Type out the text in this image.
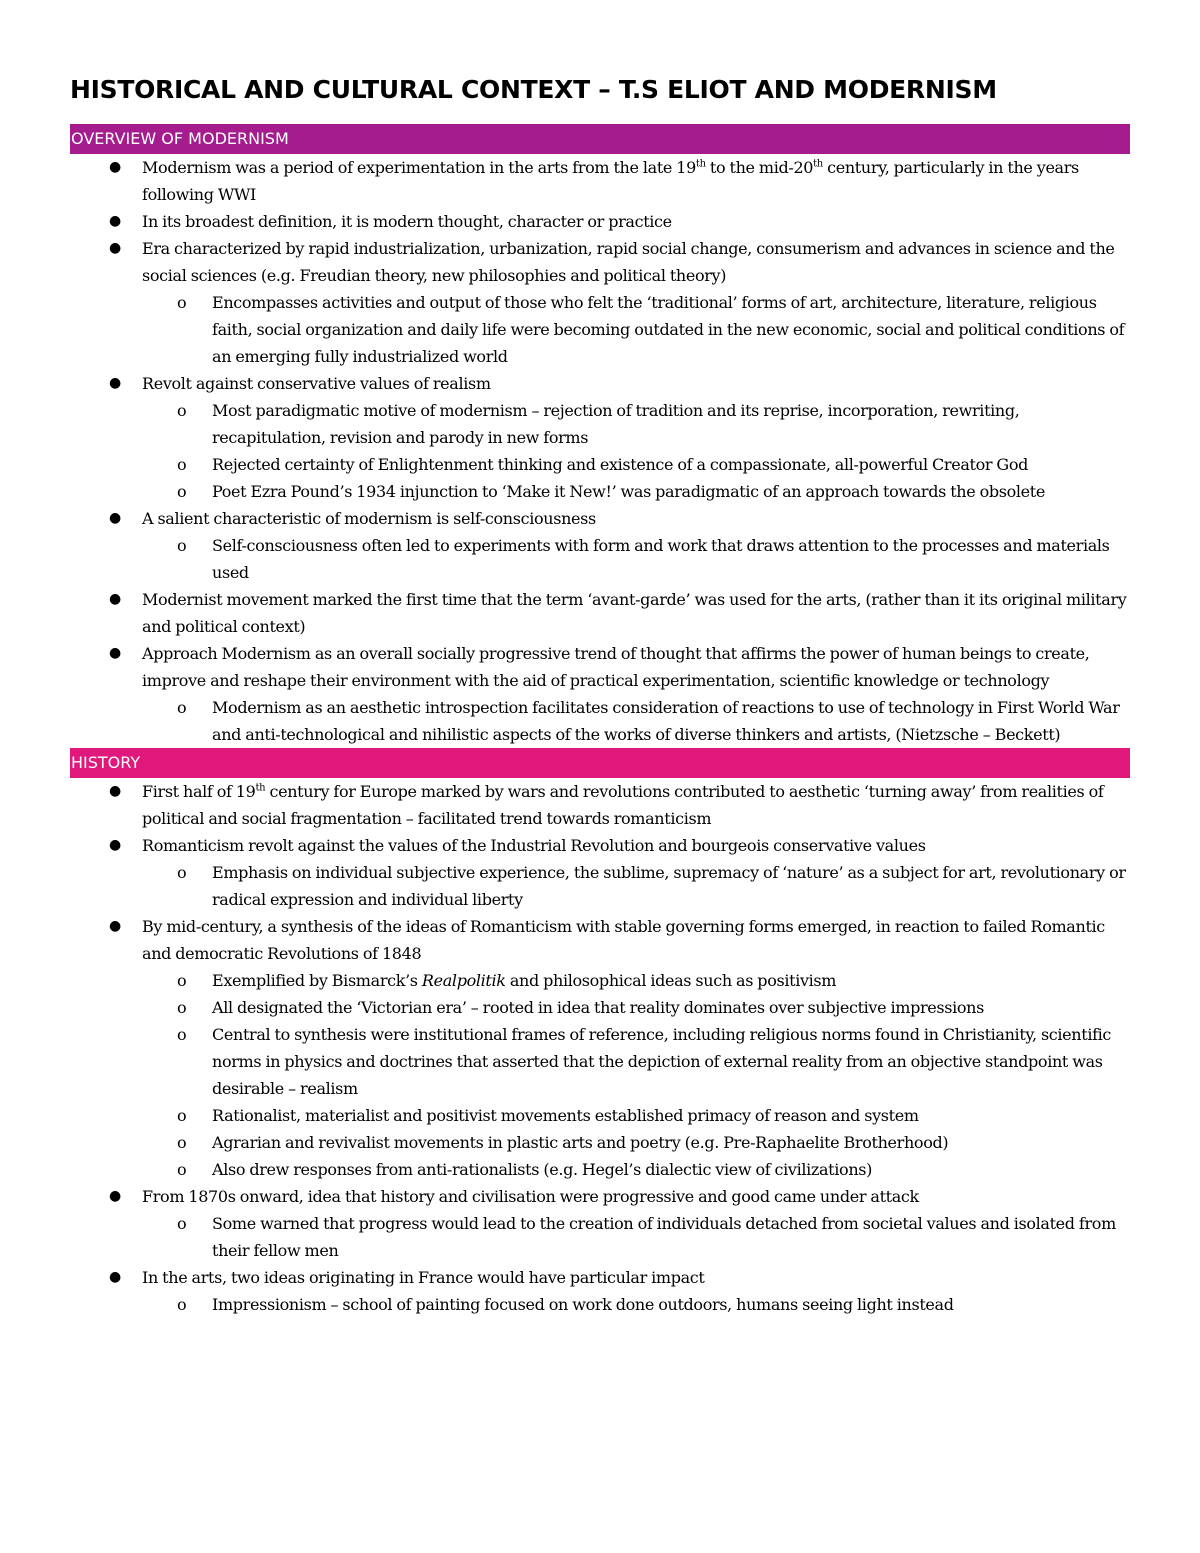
HISTORICAL AND CULTURAL CONTEXT – T.S ELIOT AND MODERNISM
OVERVIEW OF MODERNISM
● Modernism was a period of experimentation in the arts from the late 19th to the mid-20th century, particularly in the years following WWI
● In its broadest definition, it is modern thought, character or practice
● Era characterized by rapid industrialization, urbanization, rapid social change, consumerism and advances in science and the social sciences (e.g. Freudian theory, new philosophies and political theory)
o Encompasses activities and output of those who felt the ‘traditional’ forms of art, architecture, literature, religious faith, social organization and daily life were becoming outdated in the new economic, social and political conditions of an emerging fully industrialized world
● Revolt against conservative values of realism
o Most paradigmatic motive of modernism – rejection of tradition and its reprise, incorporation, rewriting, recapitulation, revision and parody in new forms
o Rejected certainty of Enlightenment thinking and existence of a compassionate, all-powerful Creator God
o Poet Ezra Pound’s 1934 injunction to ‘Make it New!’ was paradigmatic of an approach towards the obsolete
● A salient characteristic of modernism is self-consciousness
o Self-consciousness often led to experiments with form and work that draws attention to the processes and materials used
● Modernist movement marked the first time that the term ‘avant-garde’ was used for the arts, (rather than it its original military and political context)
● Approach Modernism as an overall socially progressive trend of thought that affirms the power of human beings to create, improve and reshape their environment with the aid of practical experimentation, scientific knowledge or technology
o Modernism as an aesthetic introspection facilitates consideration of reactions to use of technology in First World War and anti-technological and nihilistic aspects of the works of diverse thinkers and artists, (Nietzsche – Beckett)
HISTORY
● First half of 19th century for Europe marked by wars and revolutions contributed to aesthetic ‘turning away’ from realities of political and social fragmentation – facilitated trend towards romanticism
● Romanticism revolt against the values of the Industrial Revolution and bourgeois conservative values
o Emphasis on individual subjective experience, the sublime, supremacy of ‘nature’ as a subject for art, revolutionary or radical expression and individual liberty
● By mid-century, a synthesis of the ideas of Romanticism with stable governing forms emerged, in reaction to failed Romantic and democratic Revolutions of 1848
o Exemplified by Bismarck’s Realpolitik and philosophical ideas such as positivism
o All designated the ‘Victorian era’ – rooted in idea that reality dominates over subjective impressions
o Central to synthesis were institutional frames of reference, including religious norms found in Christianity, scientific norms in physics and doctrines that asserted that the depiction of external reality from an objective standpoint was desirable – realism
o Rationalist, materialist and positivist movements established primacy of reason and system
o Agrarian and revivalist movements in plastic arts and poetry (e.g. Pre-Raphaelite Brotherhood)
o Also drew responses from anti-rationalists (e.g. Hegel’s dialectic view of civilizations)
● From 1870s onward, idea that history and civilisation were progressive and good came under attack
o Some warned that progress would lead to the creation of individuals detached from societal values and isolated from their fellow men
● In the arts, two ideas originating in France would have particular impact
o Impressionism – school of painting focused on work done outdoors, humans seeing light instead
